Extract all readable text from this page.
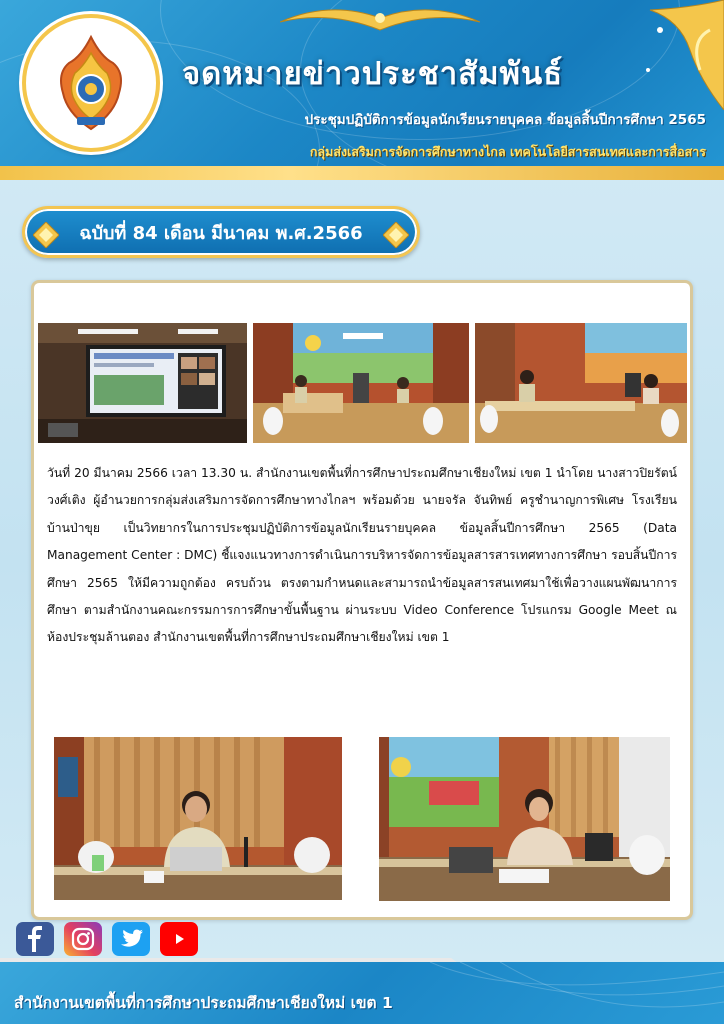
จดหมายข่าวประชาสัมพันธ์
ประชุมปฏิบัติการข้อมูลนักเรียนรายบุคคล ข้อมูลสิ้นปีการศึกษา 2565
กลุ่มส่งเสริมการจัดการศึกษาทางไกล เทคโนโลยีสารสนเทศและการสื่อสาร
ฉบับที่ 84 เดือน มีนาคม พ.ศ.2566
วันที่ 20 มีนาคม 2566 เวลา 13.30 น. สำนักงานเขตพื้นที่การศึกษาประถมศึกษาเชียงใหม่ เขต 1 นำโดย นางสาวปิยรัตน์ วงศ์เติง ผู้อำนวยการกลุ่มส่งเสริมการจัดการศึกษาทางไกลฯ พร้อมด้วย นายจรัล จันทิพย์ ครูชำนาญการพิเศษ โรงเรียนบ้านป่าขุย เป็นวิทยากรในการประชุมปฏิบัติการข้อมูลนักเรียนรายบุคคล ข้อมูลสิ้นปีการศึกษา 2565 (Data Management Center : DMC) ชี้แจงแนวทางการดำเนินการบริหารจัดการข้อมูลสารสารเทศทางการศึกษา รอบสิ้นปีการศึกษา 2565 ให้มีความถูกต้อง ครบถ้วน ตรงตามกำหนดและสามารถนำข้อมูลสารสนเทศมาใช้เพื่อวางแผนพัฒนาการศึกษา ตามสำนักงานคณะกรรมการการศึกษาขั้นพื้นฐาน ผ่านระบบ Video Conference โปรแกรม Google Meet ณ ห้องประชุมล้านตอง สำนักงานเขตพื้นที่การศึกษาประถมศึกษาเชียงใหม่ เขต 1
สำนักงานเขตพื้นที่การศึกษาประถมศึกษาเชียงใหม่ เขต 1
